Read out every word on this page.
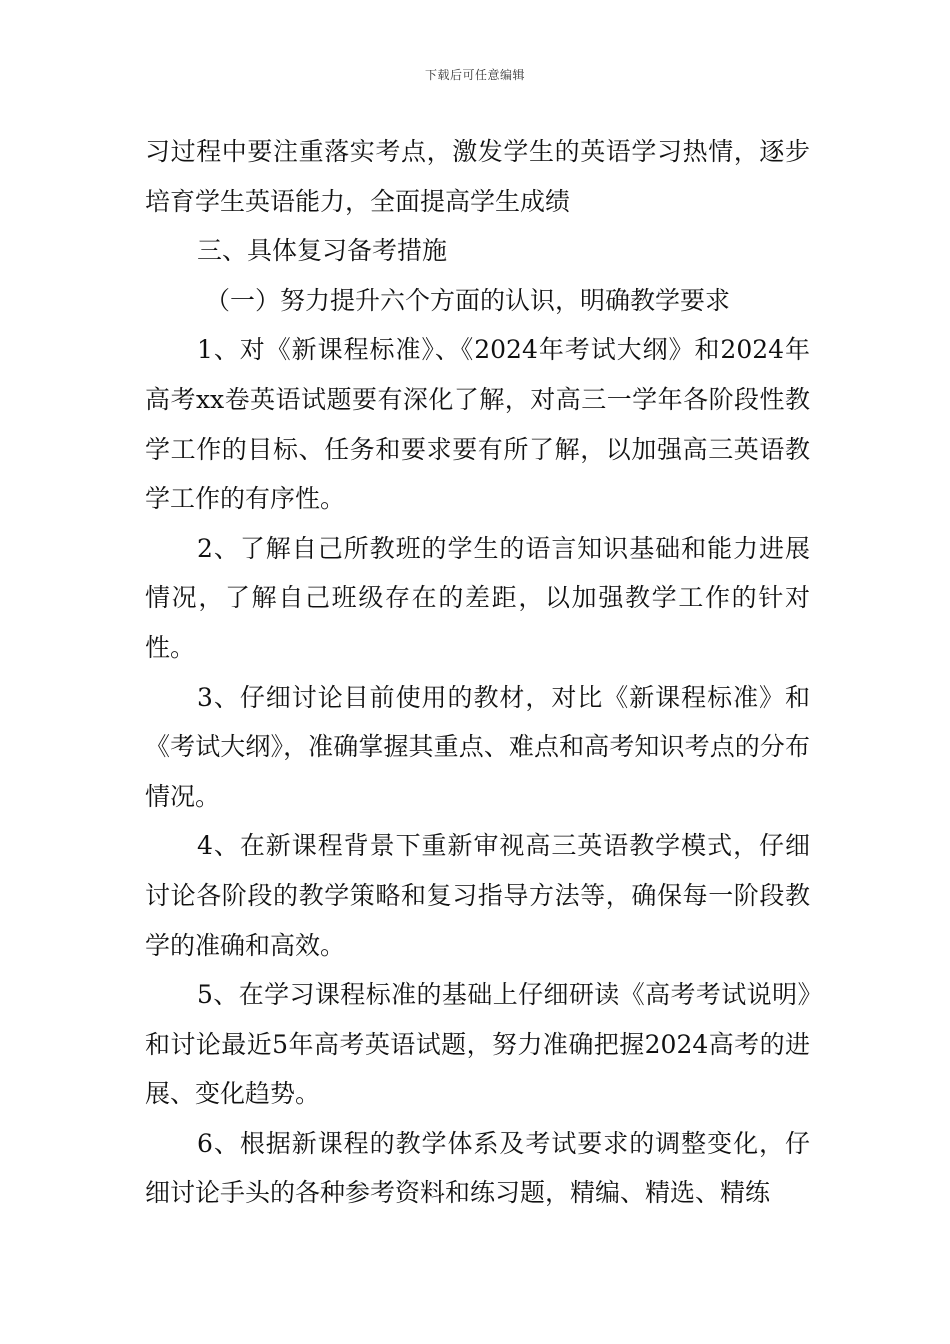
下载后可任意编辑

习过程中要注重落实考点，激发学生的英语学习热情，逐步培育学生英语能力，全面提高学生成绩

三、具体复习备考措施

（一）努力提升六个方面的认识，明确教学要求

1、对《新课程标准》、《2024年考试大纲》和2024年高考xx卷英语试题要有深化了解，对高三一学年各阶段性教学工作的目标、任务和要求要有所了解，以加强高三英语教学工作的有序性。

2、了解自己所教班的学生的语言知识基础和能力进展情况，了解自己班级存在的差距，以加强教学工作的针对性。

3、仔细讨论目前使用的教材，对比《新课程标准》和《考试大纲》，准确掌握其重点、难点和高考知识考点的分布情况。

4、在新课程背景下重新审视高三英语教学模式，仔细讨论各阶段的教学策略和复习指导方法等，确保每一阶段教学的准确和高效。

5、在学习课程标准的基础上仔细研读《高考考试说明》和讨论最近5年高考英语试题，努力准确把握2024高考的进展、变化趋势。

6、根据新课程的教学体系及考试要求的调整变化，仔细讨论手头的各种参考资料和练习题，精编、精选、精练
